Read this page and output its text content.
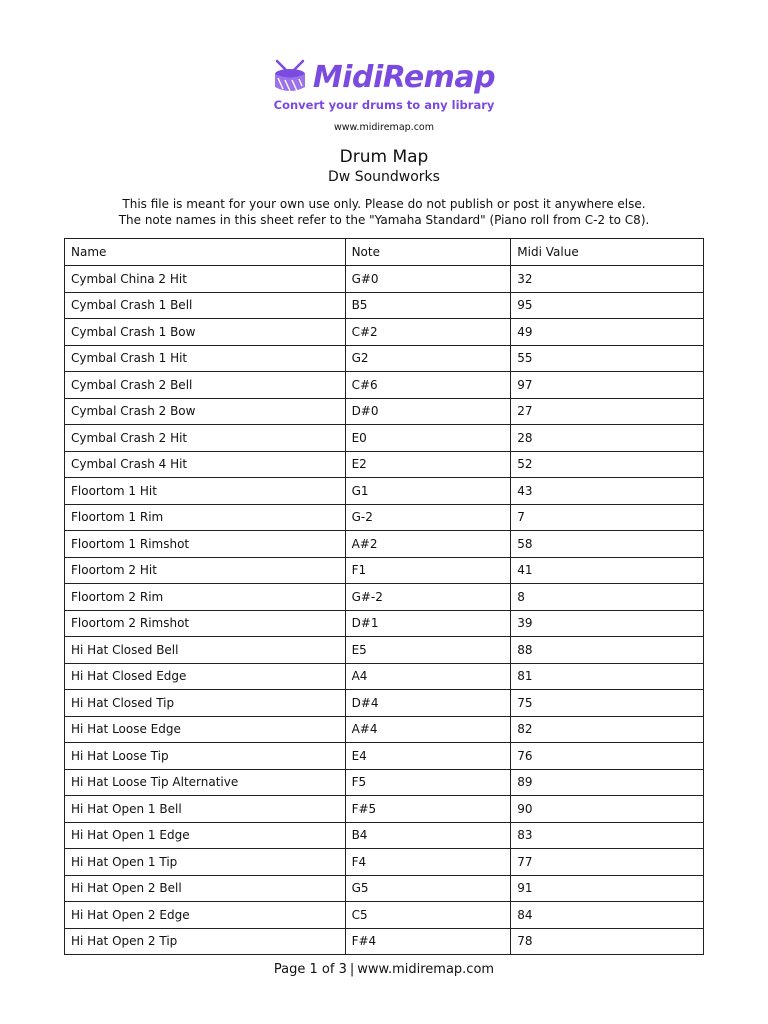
MidiRemap
Convert your drums to any library
www.midiremap.com
Drum Map
Dw Soundworks
This file is meant for your own use only. Please do not publish or post it anywhere else.
The note names in this sheet refer to the "Yamaha Standard" (Piano roll from C-2 to C8).
Name	Note	Midi Value
Cymbal China 2 Hit	G#0	32
Cymbal Crash 1 Bell	B5	95
Cymbal Crash 1 Bow	C#2	49
Cymbal Crash 1 Hit	G2	55
Cymbal Crash 2 Bell	C#6	97
Cymbal Crash 2 Bow	D#0	27
Cymbal Crash 2 Hit	E0	28
Cymbal Crash 4 Hit	E2	52
Floortom 1 Hit	G1	43
Floortom 1 Rim	G-2	7
Floortom 1 Rimshot	A#2	58
Floortom 2 Hit	F1	41
Floortom 2 Rim	G#-2	8
Floortom 2 Rimshot	D#1	39
Hi Hat Closed Bell	E5	88
Hi Hat Closed Edge	A4	81
Hi Hat Closed Tip	D#4	75
Hi Hat Loose Edge	A#4	82
Hi Hat Loose Tip	E4	76
Hi Hat Loose Tip Alternative	F5	89
Hi Hat Open 1 Bell	F#5	90
Hi Hat Open 1 Edge	B4	83
Hi Hat Open 1 Tip	F4	77
Hi Hat Open 2 Bell	G5	91
Hi Hat Open 2 Edge	C5	84
Hi Hat Open 2 Tip	F#4	78
Page 1 of 3 | www.midiremap.com
